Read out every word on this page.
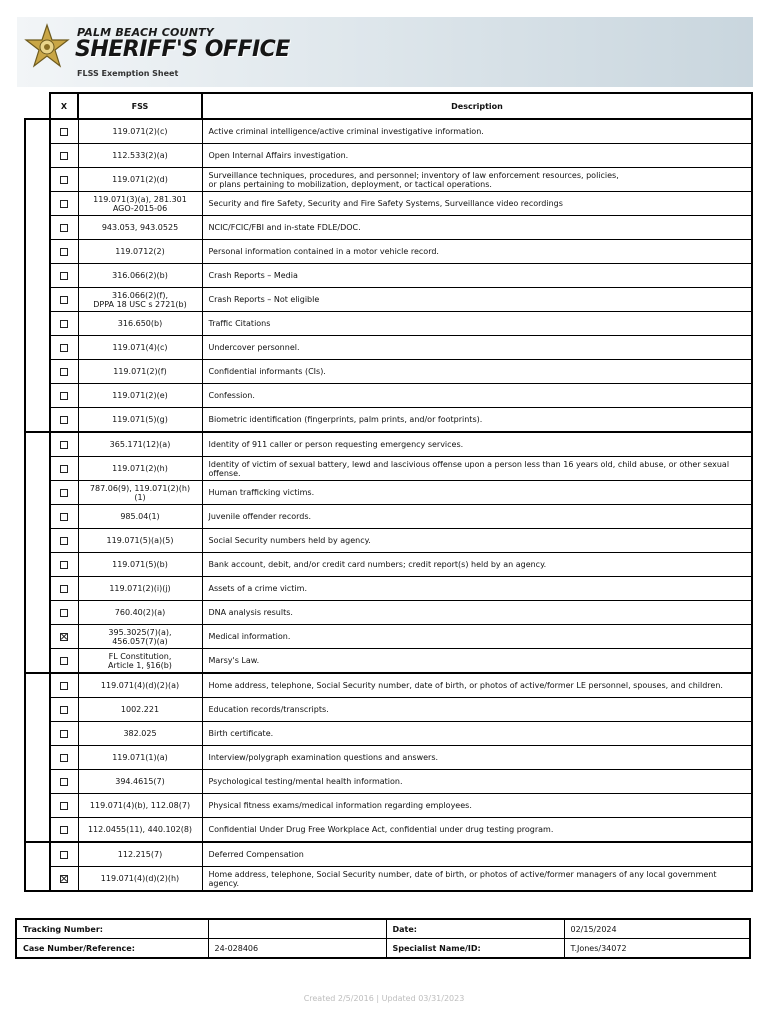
PALM BEACH COUNTY
SHERIFF'S OFFICE
FLSS Exemption Sheet
	X	FSS	Description

		119.071(2)(c)	Active criminal intelligence/active criminal investigative information.

		112.533(2)(a)	Open Internal Affairs investigation.

		119.071(2)(d)	Surveillance techniques, procedures, and personnel; inventory of law enforcement resources, policies,
or plans pertaining to mobilization, deployment, or tactical operations.

		119.071(3)(a), 281.301
AGO-2015-06	Security and fire Safety, Security and Fire Safety Systems, Surveillance video recordings

		943.053, 943.0525	NCIC/FCIC/FBI and in-state FDLE/DOC.

		119.0712(2)	Personal information contained in a motor vehicle record.

		316.066(2)(b)	Crash Reports – Media

		316.066(2)(f),
DPPA 18 USC s 2721(b)	Crash Reports – Not eligible

		316.650(b)	Traffic Citations

		119.071(4)(c)	Undercover personnel.

		119.071(2)(f)	Confidential informants (CIs).

		119.071(2)(e)	Confession.

		119.071(5)(g)	Biometric identification (fingerprints, palm prints, and/or footprints).

		365.171(12)(a)	Identity of 911 caller or person requesting emergency services.

		119.071(2)(h)	Identity of victim of sexual battery, lewd and lascivious offense upon a person less than 16 years old, child abuse, or other sexual offense.

		787.06(9), 119.071(2)(h)(1)	Human trafficking victims.

		985.04(1)	Juvenile offender records.

		119.071(5)(a)(5)	Social Security numbers held by agency.

		119.071(5)(b)	Bank account, debit, and/or credit card numbers; credit report(s) held by an agency.

		119.071(2)(i)(j)	Assets of a crime victim.

		760.40(2)(a)	DNA analysis results.

		395.3025(7)(a),
456.057(7)(a)	Medical information.

		FL Constitution,
Article 1, §16(b)	Marsy's Law.

		119.071(4)(d)(2)(a)	Home address, telephone, Social Security number, date of birth, or photos of active/former LE personnel, spouses, and children.

		1002.221	Education records/transcripts.

		382.025	Birth certificate.

		119.071(1)(a)	Interview/polygraph examination questions and answers.

		394.4615(7)	Psychological testing/mental health information.

		119.071(4)(b), 112.08(7)	Physical fitness exams/medical information regarding employees.

		112.0455(11), 440.102(8)	Confidential Under Drug Free Workplace Act, confidential under drug testing program.

		112.215(7)	Deferred Compensation

		119.071(4)(d)(2)(h)	Home address, telephone, Social Security number, date of birth, or photos of active/former managers of any local government agency.
Tracking Number:		Date:	02/15/2024
Case Number/Reference:	24-028406	Specialist Name/ID:	T.Jones/34072
Created 2/5/2016 | Updated 03/31/2023
